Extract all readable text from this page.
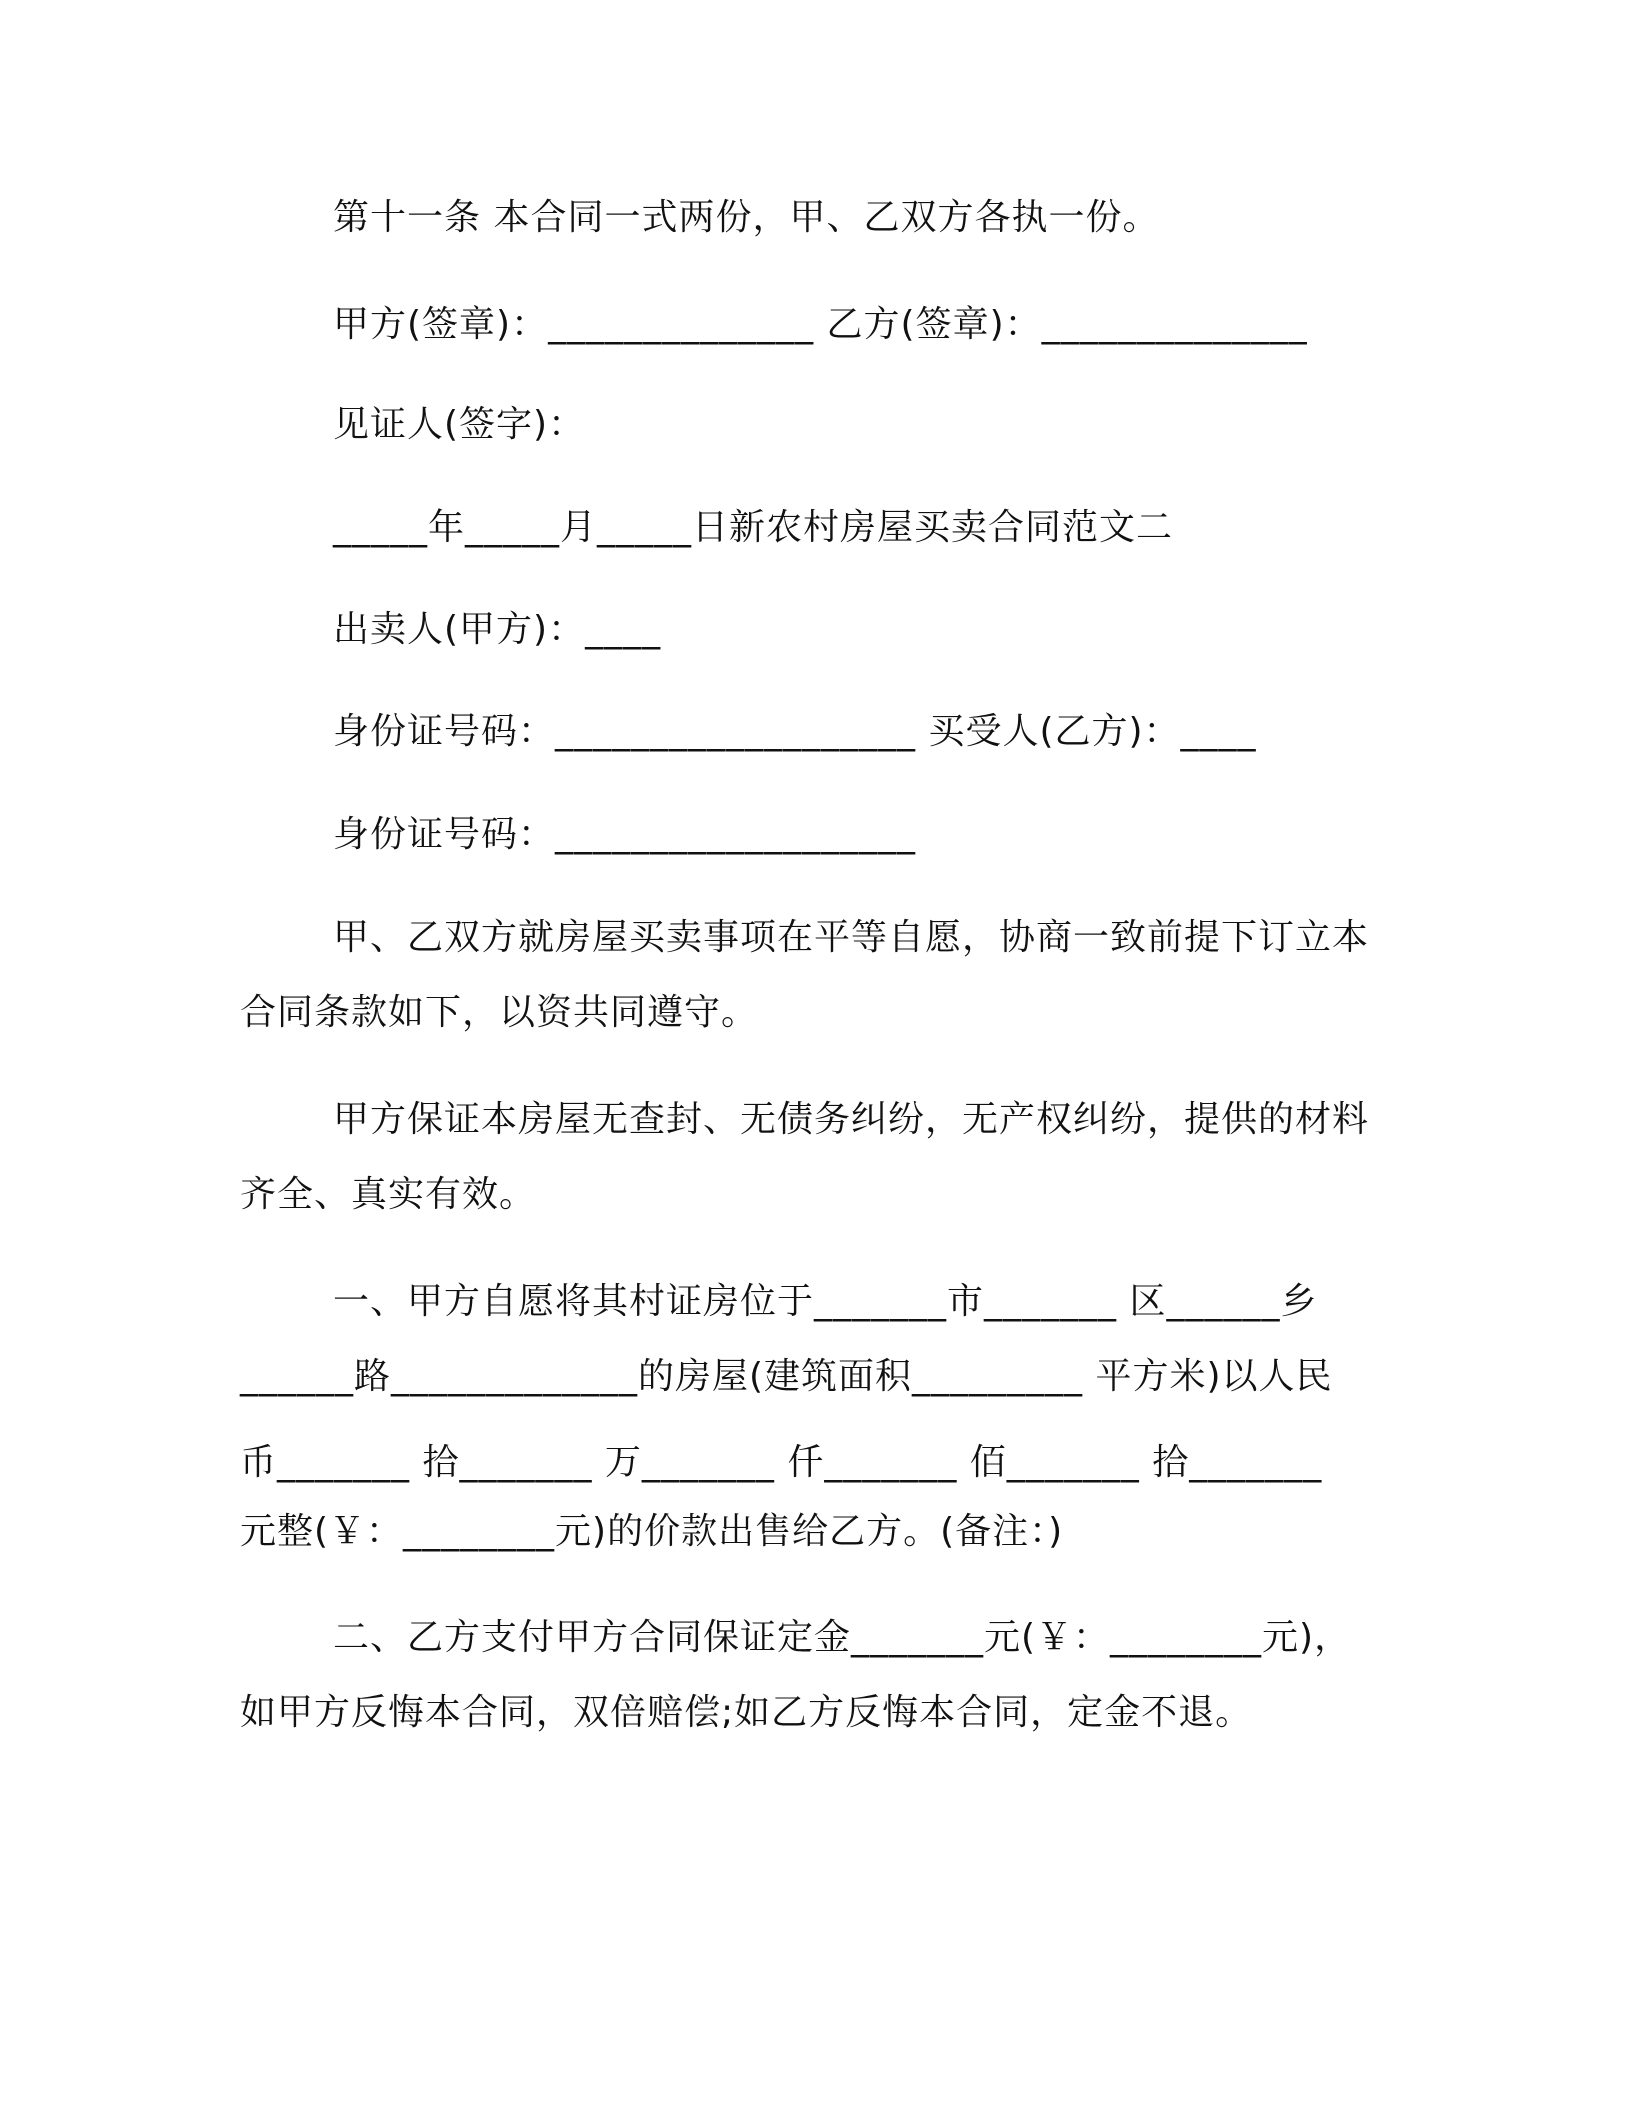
第十一条 本合同一式两份，甲、乙双方各执一份。
甲方(签章)：______________ 乙方(签章)：______________
见证人(签字)：
_____年_____月_____日新农村房屋买卖合同范文二
出卖人(甲方)：____
身份证号码：___________________ 买受人(乙方)：____
身份证号码：___________________
甲、乙双方就房屋买卖事项在平等自愿，协商一致前提下订立本
合同条款如下，以资共同遵守。
甲方保证本房屋无查封、无债务纠纷，无产权纠纷，提供的材料
齐全、真实有效。
一、甲方自愿将其村证房位于_______市_______ 区______乡
______路_____________的房屋(建筑面积_________ 平方米)以人民
币_______ 拾_______ 万_______ 仟_______ 佰_______ 拾_______
元整(￥：________元)的价款出售给乙方。(备注：)
二、乙方支付甲方合同保证定金_______元(￥：________元)，
如甲方反悔本合同，双倍赔偿;如乙方反悔本合同，定金不退。
